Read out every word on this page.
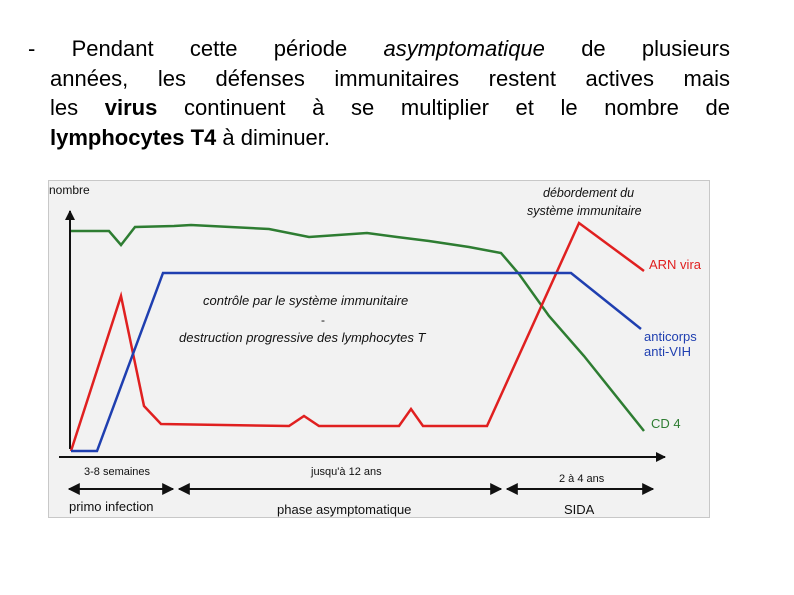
- Pendant cette période asymptomatique de plusieurs
années, les défenses immunitaires restent actives mais
les virus continuent à se multiplier et le nombre de
lymphocytes T4 à diminuer.
nombre	débordement du
système immunitaire
contrôle par le système immunitaire
-
destruction progressive des lymphocytes T
ARN vira
anticorps
anti-VIH
CD 4
3-8 semaines	jusqu'à 12 ans
2 à 4 ans
primo infection	phase asymptomatique	SIDA
